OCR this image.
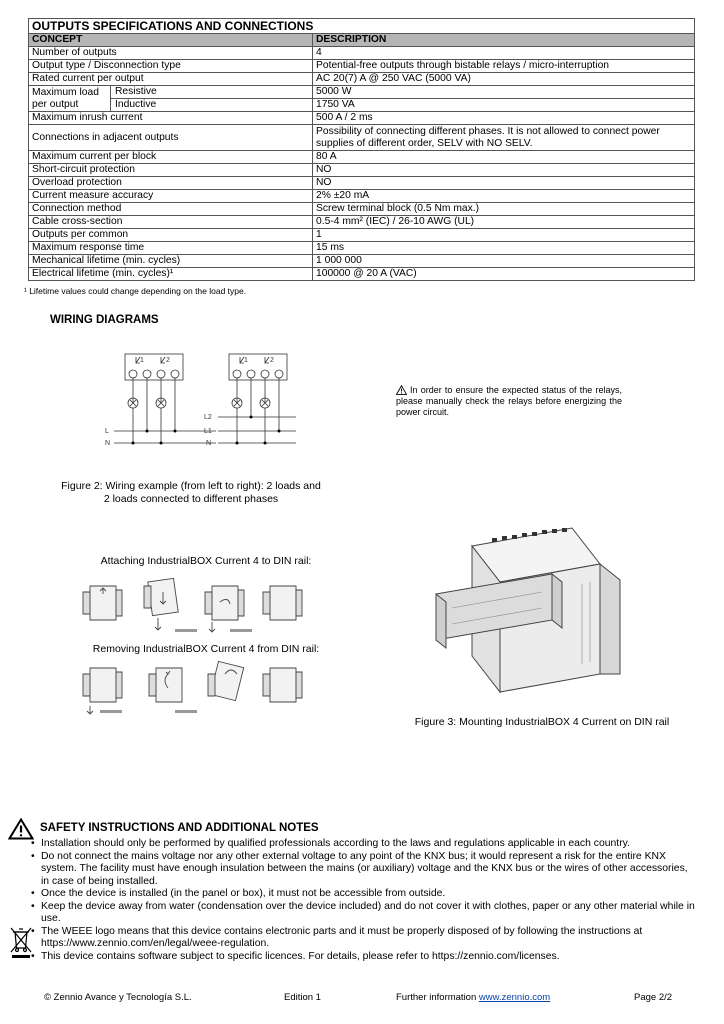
OUTPUTS SPECIFICATIONS AND CONNECTIONS		
CONCEPT		DESCRIPTION
Number of outputs		4
Output type / Disconnection type		Potential-free outputs through bistable relays / micro-interruption
Rated current per output		AC 20(7) A @ 250 VAC (5000 VA)
Maximum load
per output	Resistive	5000 W
	Inductive	1750 VA
Maximum inrush current		500 A / 2 ms
Connections in adjacent outputs		Possibility of connecting different phases. It is not allowed to connect power supplies of different order, SELV with NO SELV.
Maximum current per block		80 A
Short-circuit protection		NO
Overload protection		NO
Current measure accuracy		2% ±20 mA
Connection method		Screw terminal block (0.5 Nm max.)
Cable cross-section		0.5-4 mm² (IEC) / 26-10 AWG (UL)
Outputs per common		1
Maximum response time		15 ms
Mechanical lifetime (min. cycles)		1 000 000
Electrical lifetime (min. cycles)¹		100000 @ 20 A (VAC)
¹ Lifetime values could change depending on the load type.
WIRING DIAGRAMS
1	2	1	2
L
N
L2
L1
N
Figure 2: Wiring example (from left to right): 2 loads and
2 loads connected to different phases
In order to ensure the expected status of the relays, please manually check the relays before energizing the power circuit.
Attaching IndustrialBOX Current 4 to DIN rail:
Removing IndustrialBOX Current 4 from DIN rail:
Figure 3: Mounting IndustrialBOX 4 Current on DIN rail
SAFETY INSTRUCTIONS AND ADDITIONAL NOTES
• Installation should only be performed by qualified professionals according to the laws and regulations applicable in each country.
• Do not connect the mains voltage nor any other external voltage to any point of the KNX bus; it would represent a risk for the entire KNX system. The facility must have enough insulation between the mains (or auxiliary) voltage and the KNX bus or the wires of other accessories, in case of being installed.
• Once the device is installed (in the panel or box), it must not be accessible from outside.
• Keep the device away from water (condensation over the device included) and do not cover it with clothes, paper or any other material while in use.
• The WEEE logo means that this device contains electronic parts and it must be properly disposed of by following the instructions at https://www.zennio.com/en/legal/weee-regulation.
• This device contains software subject to specific licences. For details, please refer to https://zennio.com/licenses.
© Zennio Avance y Tecnología S.L.	Edition 1	Further information www.zennio.com	Page 2/2
